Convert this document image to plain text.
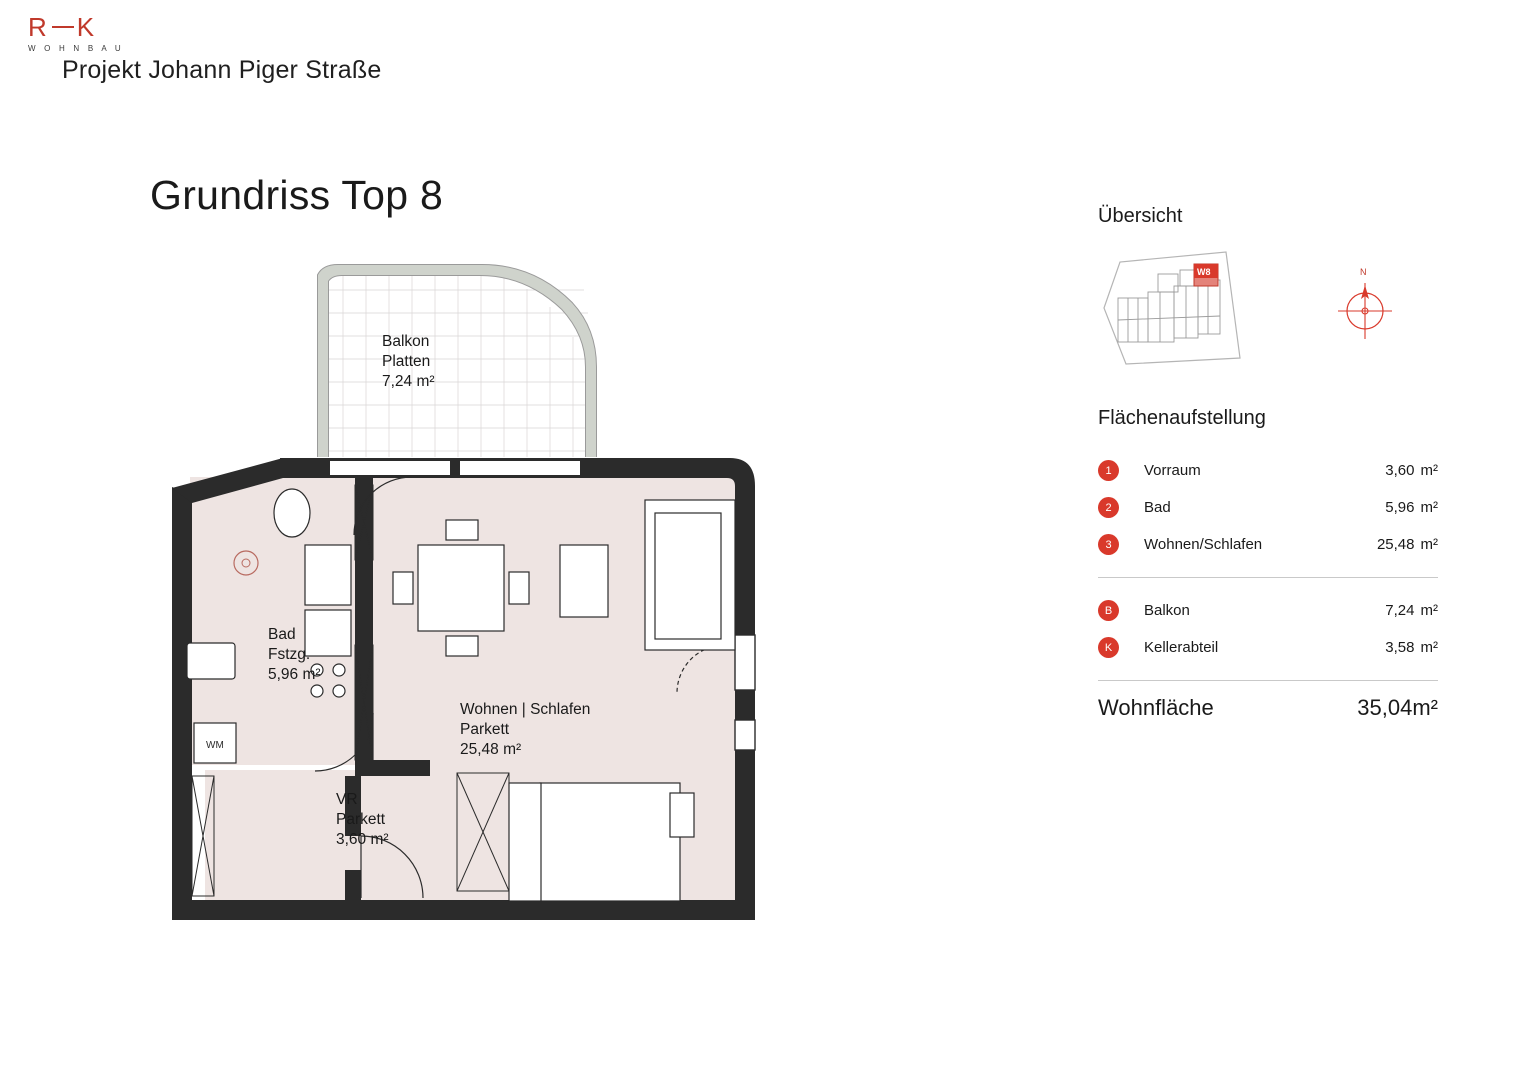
R K
W O H N B A U
Projekt Johann Piger Straße
Grundriss Top 8
WM
Balkon
Platten
7,24 m²
Bad
Fstzg.
5,96 m²
Wohnen | Schlafen
Parkett
25,48 m²
VR
Parkett
3,60 m²
Übersicht
W8	N
Flächenaufstellung
1	Vorraum	3,60 m²
2	Bad	5,96 m²
3	Wohnen/Schlafen	25,48 m²
B	Balkon	7,24 m²
K	Kellerabteil	3,58 m²
Wohnfläche	35,04m²
